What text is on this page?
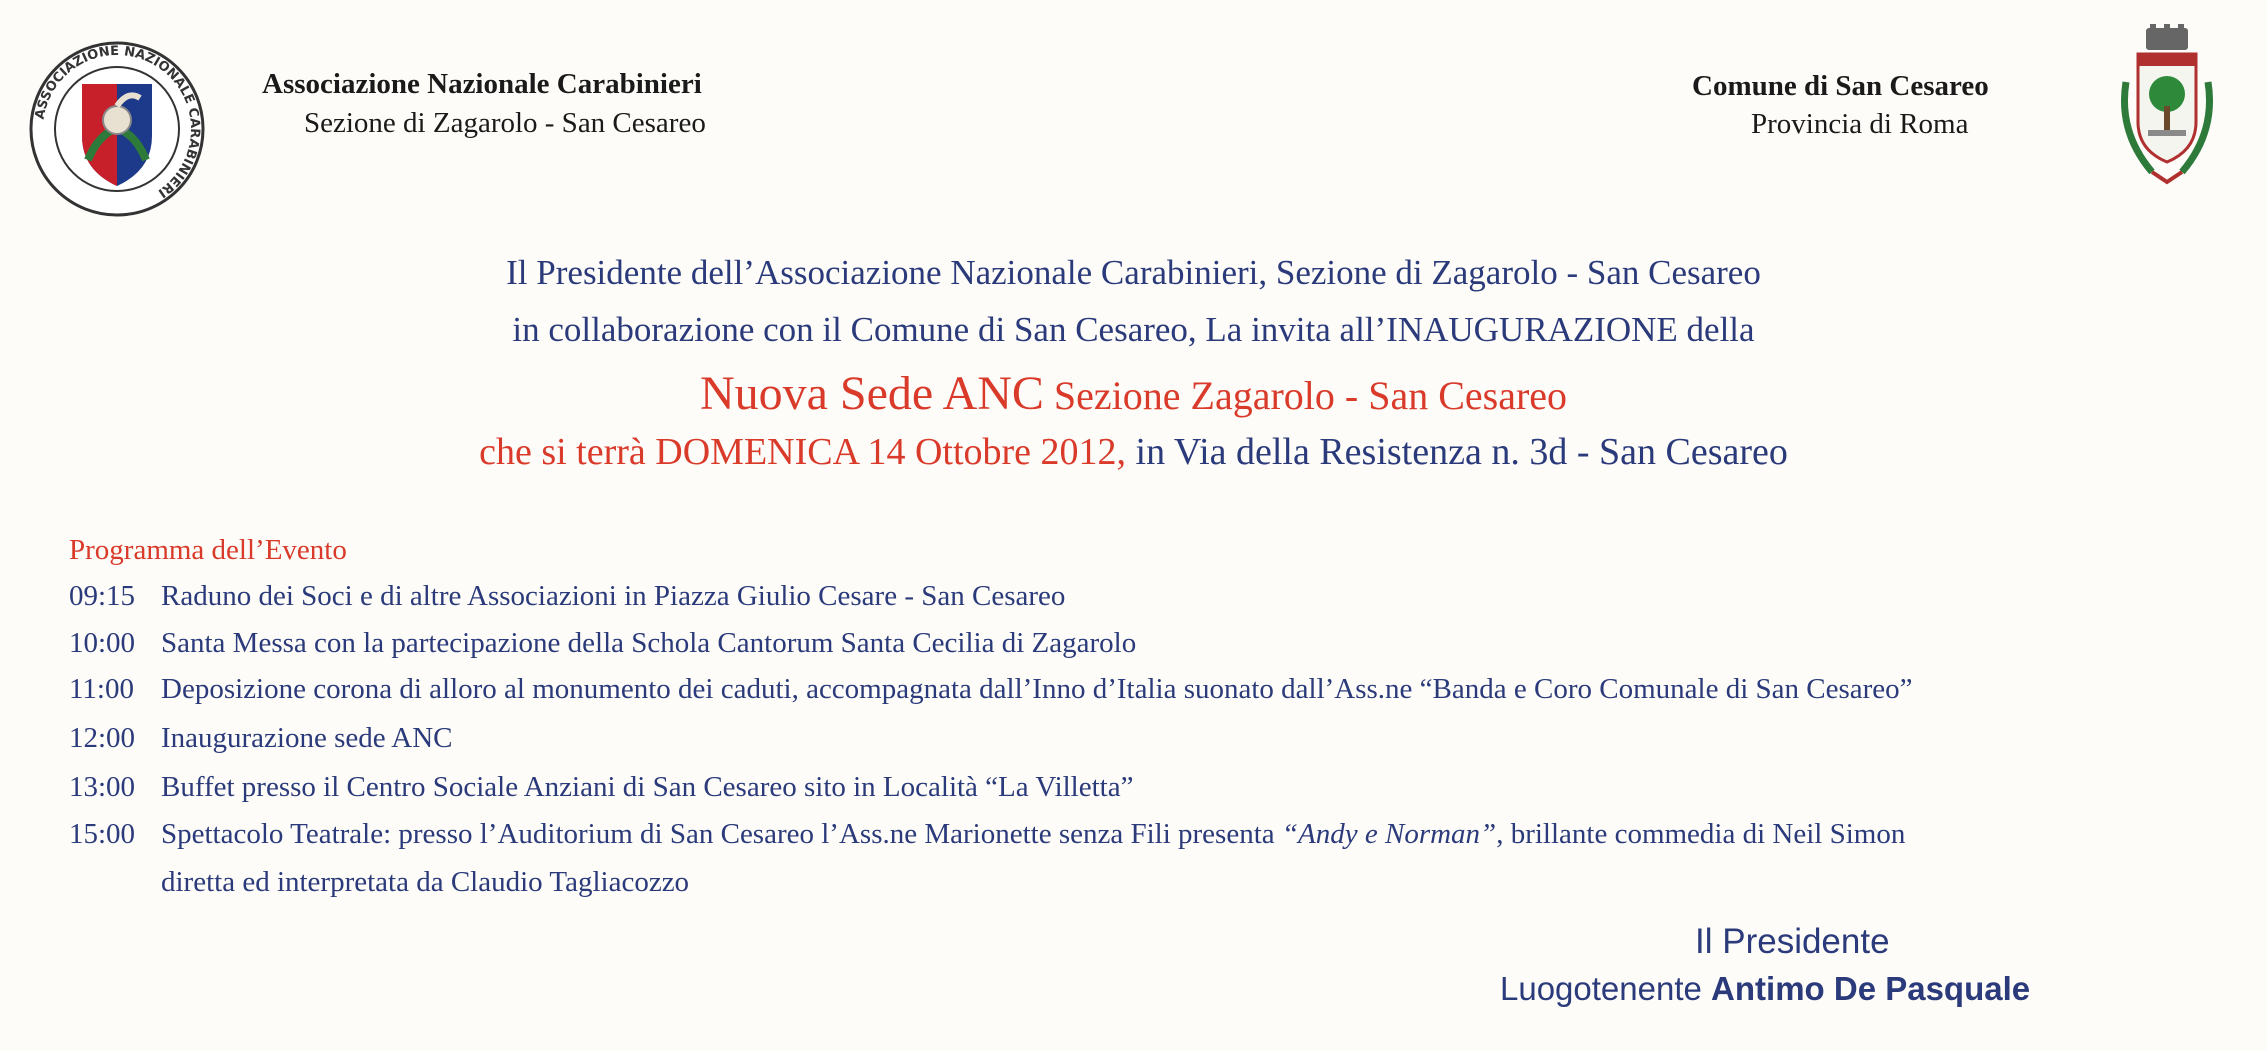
ASSOCIAZIONE NAZIONALE CARABINIERI
Associazione Nazionale Carabinieri
Sezione di Zagarolo - San Cesareo
Comune di San Cesareo
Provincia di Roma
Il Presidente dell’Associazione Nazionale Carabinieri, Sezione di Zagarolo - San Cesareo
in collaborazione con il Comune di San Cesareo, La invita all’INAUGURAZIONE della
Nuova Sede ANC Sezione Zagarolo - San Cesareo
che si terrà DOMENICA 14 Ottobre 2012, in Via della Resistenza n. 3d - San Cesareo
Programma dell’Evento
09:15 Raduno dei Soci e di altre Associazioni in Piazza Giulio Cesare - San Cesareo
10:00 Santa Messa con la partecipazione della Schola Cantorum Santa Cecilia di Zagarolo
11:00 Deposizione corona di alloro al monumento dei caduti, accompagnata dall’Inno d’Italia suonato dall’Ass.ne “Banda e Coro Comunale di San Cesareo”
12:00 Inaugurazione sede ANC
13:00 Buffet presso il Centro Sociale Anziani di San Cesareo sito in Località “La Villetta”
15:00 Spettacolo Teatrale: presso l’Auditorium di San Cesareo l’Ass.ne Marionette senza Fili presenta “Andy e Norman”, brillante commedia di Neil Simon
diretta ed interpretata da Claudio Tagliacozzo
Il Presidente
Luogotenente Antimo De Pasquale
